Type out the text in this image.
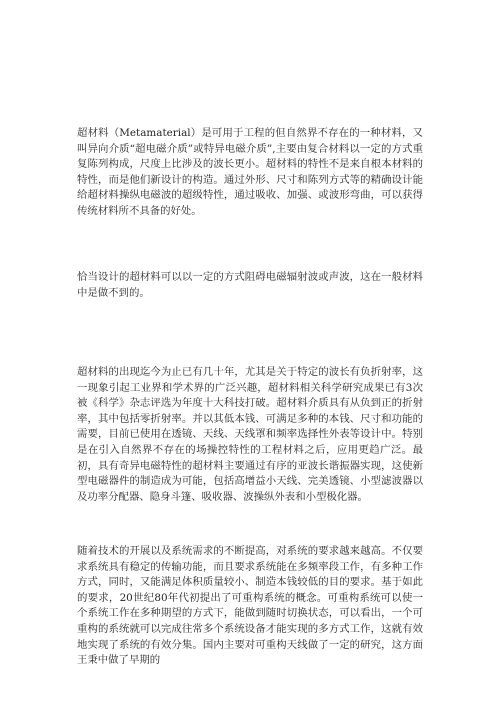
超材料（Metamaterial）是可用于工程的但自然界不存在的一种材料，又叫异向介质“超电磁介质”或特异电磁介质”,主要由复合材料以一定的方式重复陈列构成，尺度上比涉及的波长更小。超材料的特性不是来自根本材料的特性，而是他们新设计的构造。通过外形、尺寸和陈列方式等的精确设计能给超材料操纵电磁波的超级特性，通过吸收、加强、或波形弯曲，可以获得传统材料所不具备的好处。

恰当设计的超材料可以以一定的方式阻碍电磁辐射波或声波，这在一般材料中是做不到的。

超材料的出现迄今为止已有几十年，尤其是关于特定的波长有负折射率，这一现象引起工业界和学术界的广泛兴趣，超材料相关科学研究成果已有3次被《科学》杂志评选为年度十大科技打破。超材料介质具有从负到正的折射率，其中包括零折射率。并以其低本钱、可满足多种的本钱、尺寸和功能的需要，目前已使用在透镜、天线、天线罩和频率选择性外表等设计中。特别是在引入自然界不存在的场操控特性的工程材料之后，应用更趋广泛。最初，具有奇异电磁特性的超材料主要通过有序的亚波长谐振器实现，这使新型电磁器件的制造成为可能，包括高增益小天线、完美透镜、小型滤波器以及功率分配器、隐身斗篷、吸收器、波操纵外表和小型极化器。

随着技术的开展以及系统需求的不断提高，对系统的要求越来越高。不仅要求系统具有稳定的传输功能，而且要求系统能在多频率段工作，有多种工作方式，同时，又能满足体积质量较小、制造本钱较低的目的要求。基于如此的要求，20世纪80年代初提出了可重构系统的概念。可重构系统可以使一个系统工作在多种期望的方式下，能做到随时切换状态，可以看出，一个可重构的系统就可以完成往常多个系统设备才能实现的多方式工作，这就有效地实现了系统的有效分集。国内主要对可重构天线做了一定的研究，这方面王秉中做了早期的
